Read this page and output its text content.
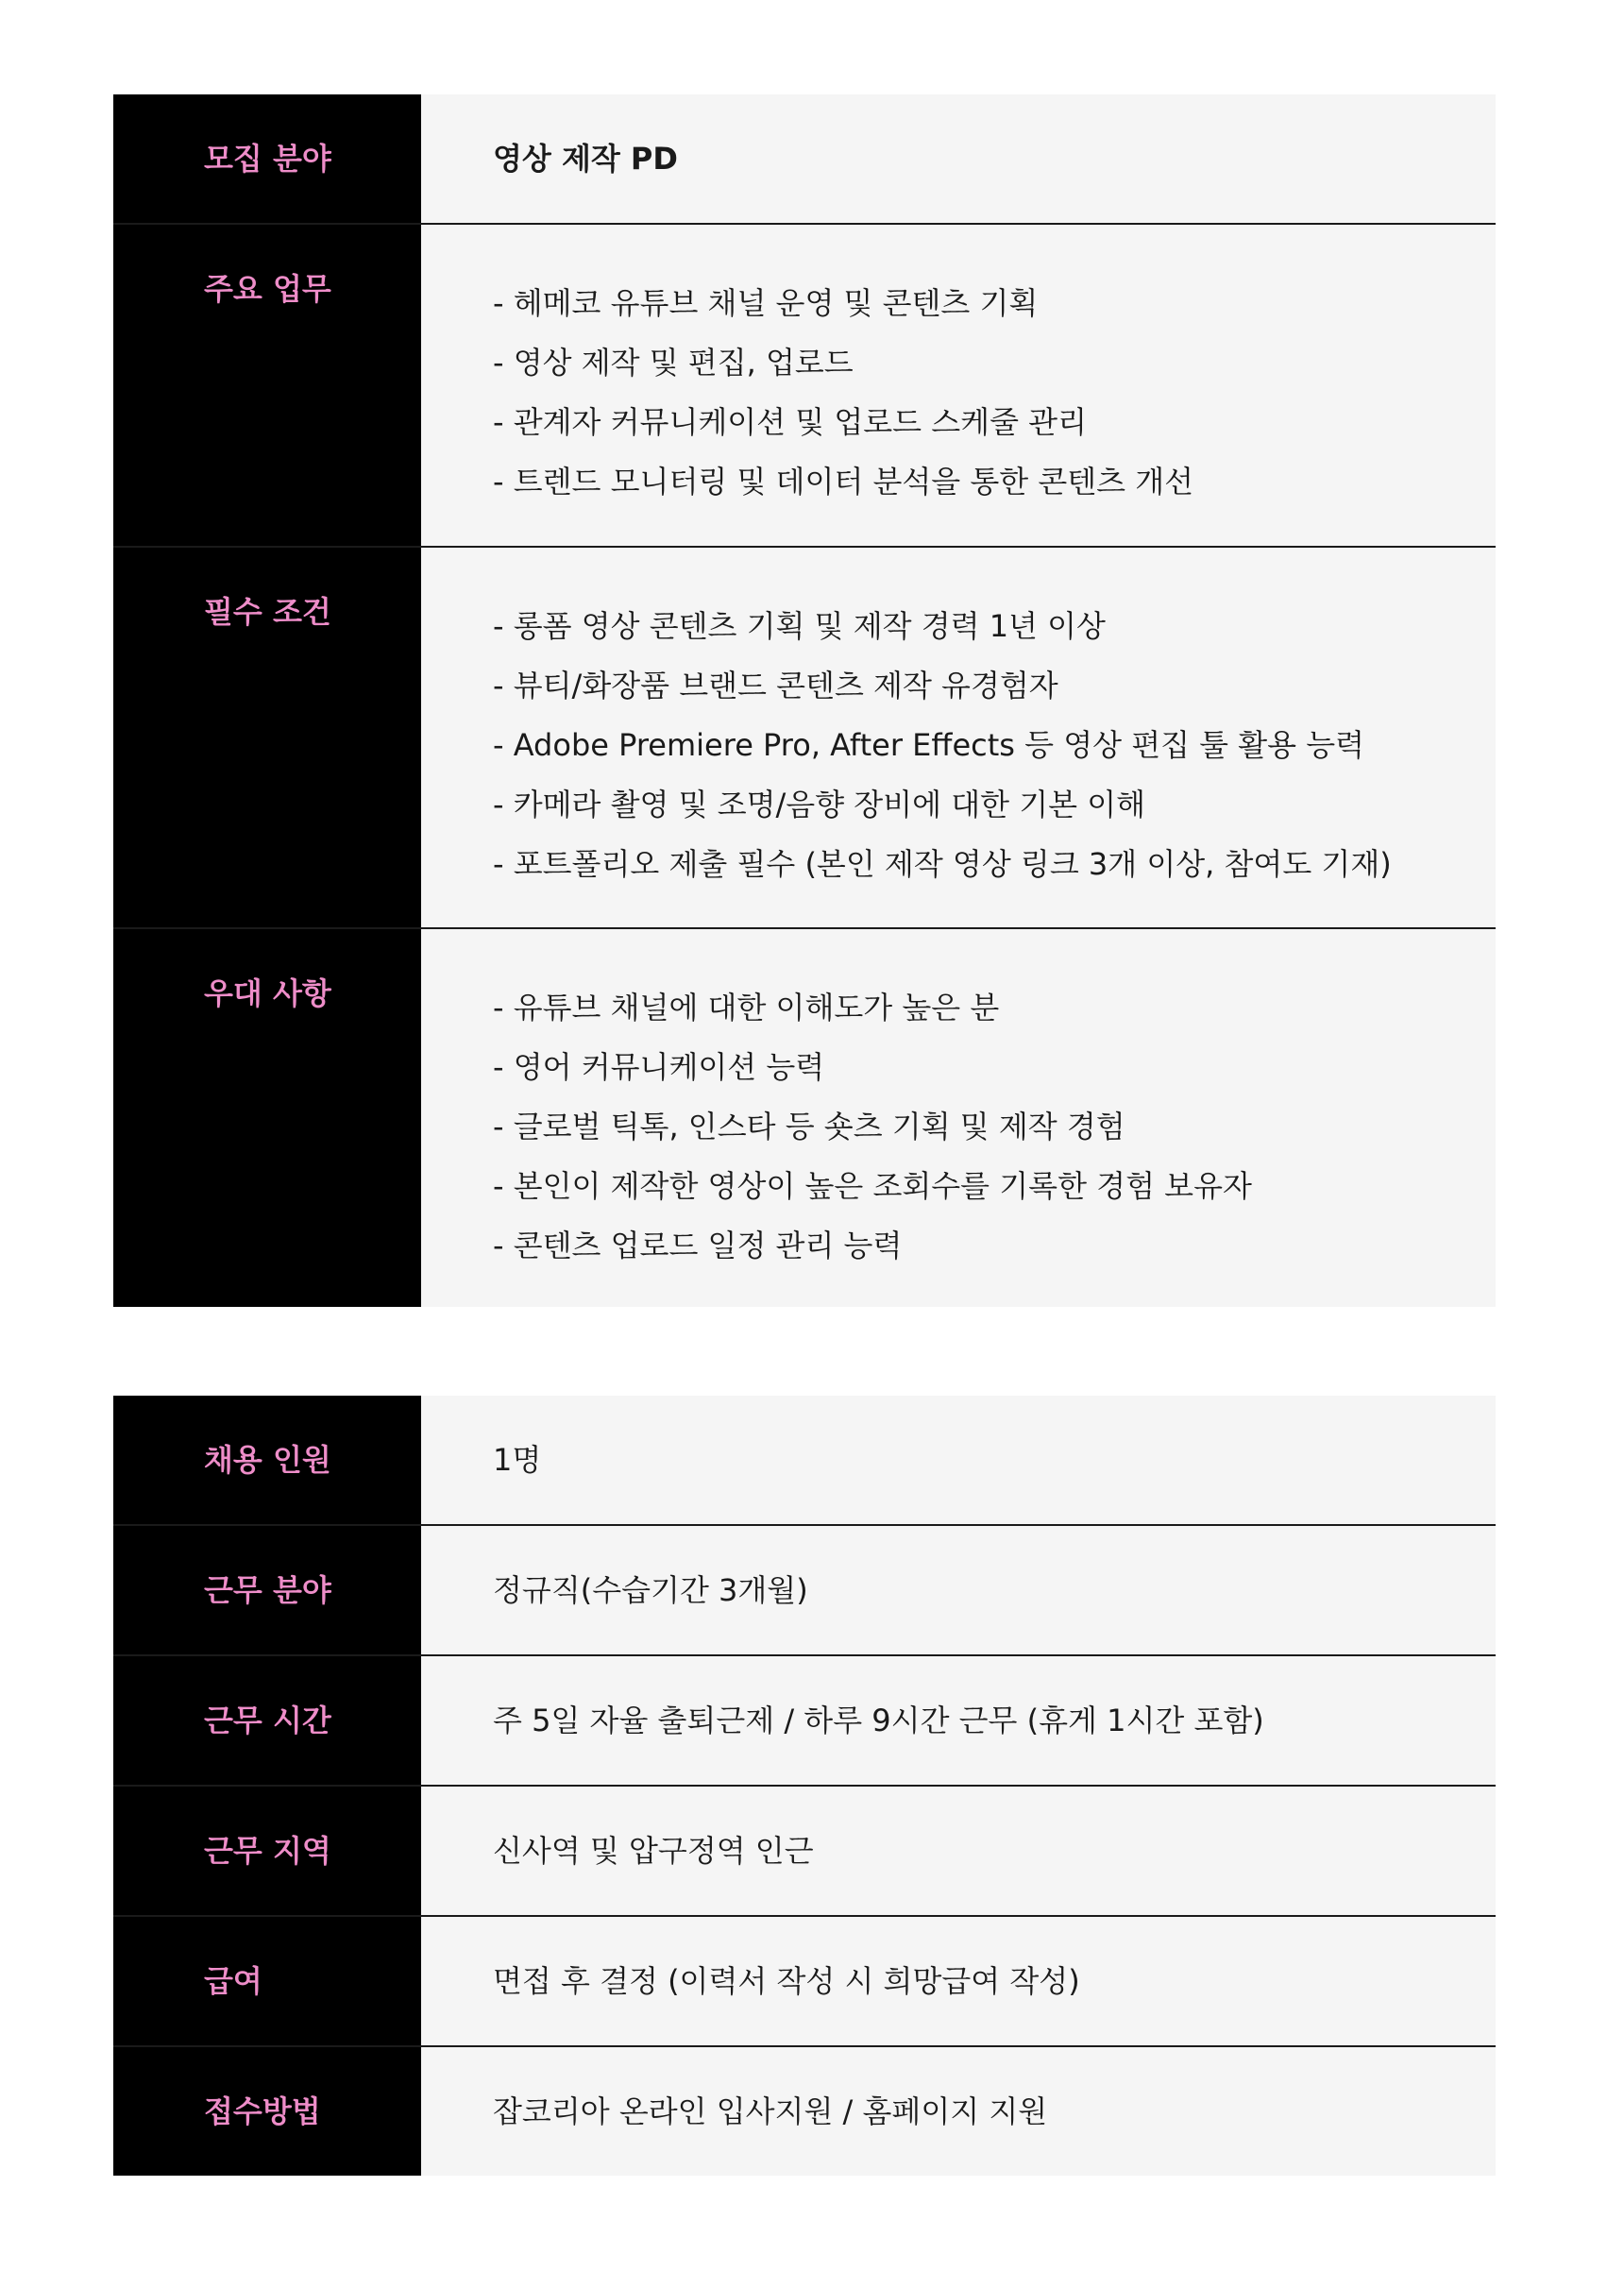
모집 분야	영상 제작 PD
주요 업무	- 헤메코 유튜브 채널 운영 및 콘텐츠 기획
- 영상 제작 및 편집, 업로드
- 관계자 커뮤니케이션 및 업로드 스케줄 관리
- 트렌드 모니터링 및 데이터 분석을 통한 콘텐츠 개선
필수 조건	- 롱폼 영상 콘텐츠 기획 및 제작 경력 1년 이상
- 뷰티/화장품 브랜드 콘텐츠 제작 유경험자
- Adobe Premiere Pro, After Effects 등 영상 편집 툴 활용 능력
- 카메라 촬영 및 조명/음향 장비에 대한 기본 이해
- 포트폴리오 제출 필수 (본인 제작 영상 링크 3개 이상, 참여도 기재)
우대 사항	- 유튜브 채널에 대한 이해도가 높은 분
- 영어 커뮤니케이션 능력
- 글로벌 틱톡, 인스타 등 숏츠 기획 및 제작 경험
- 본인이 제작한 영상이 높은 조회수를 기록한 경험 보유자
- 콘텐츠 업로드 일정 관리 능력
채용 인원	1명
근무 분야	정규직(수습기간 3개월)
근무 시간	주 5일 자율 출퇴근제 / 하루 9시간 근무 (휴게 1시간 포함)
근무 지역	신사역 및 압구정역 인근
급여	면접 후 결정 (이력서 작성 시 희망급여 작성)
접수방법	잡코리아 온라인 입사지원 / 홈페이지 지원
